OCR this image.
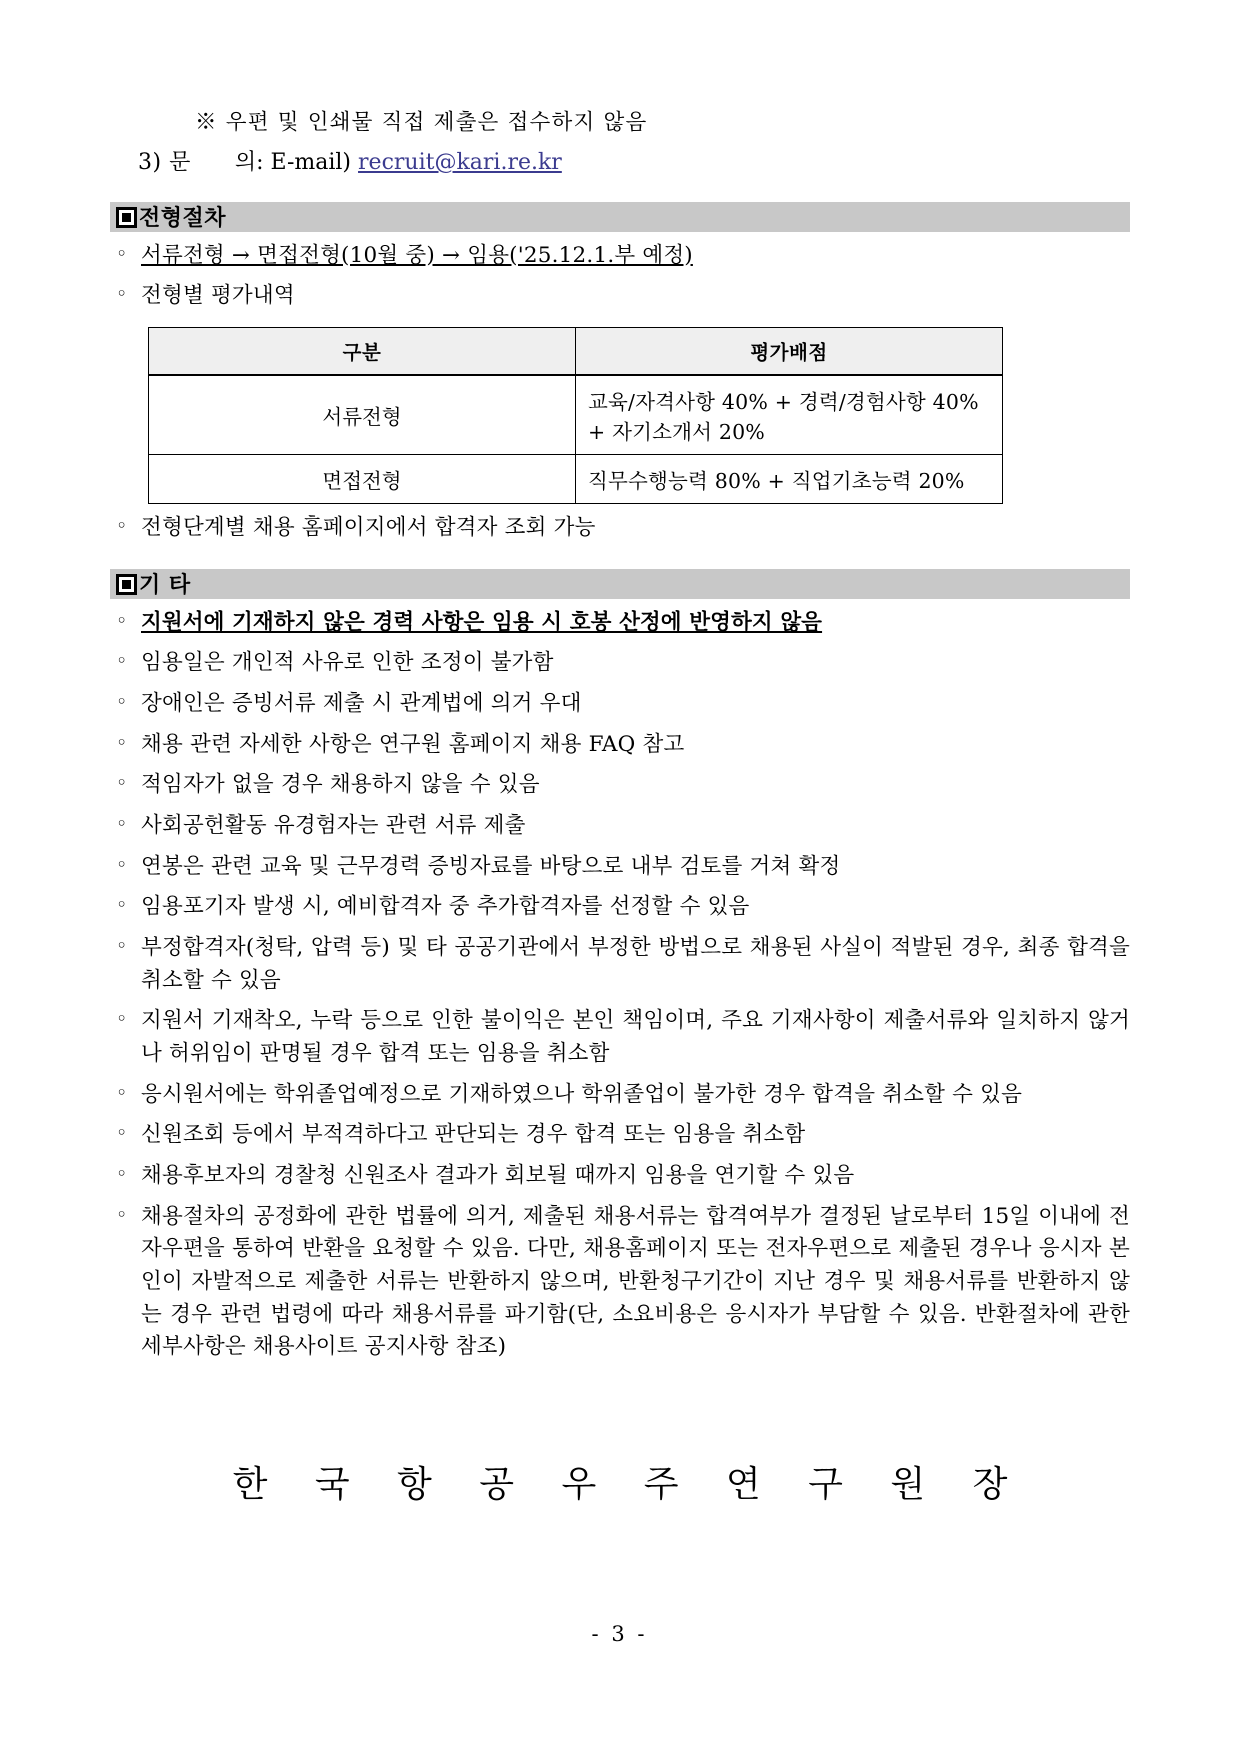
※ 우편 및 인쇄물 직접 제출은 접수하지 않음
3) 문 의: E-mail) recruit@kari.re.kr
전형절차
◦ 서류전형 → 면접전형(10월 중) → 임용('25.12.1.부 예정)
◦ 전형별 평가내역
구분	평가배점
서류전형	교육/자격사항 40% + 경력/경험사항 40% + 자기소개서 20%
면접전형	직무수행능력 80% + 직업기초능력 20%
◦ 전형단계별 채용 홈페이지에서 합격자 조회 가능
기 타
◦ 지원서에 기재하지 않은 경력 사항은 임용 시 호봉 산정에 반영하지 않음
◦ 임용일은 개인적 사유로 인한 조정이 불가함
◦ 장애인은 증빙서류 제출 시 관계법에 의거 우대
◦ 채용 관련 자세한 사항은 연구원 홈페이지 채용 FAQ 참고
◦ 적임자가 없을 경우 채용하지 않을 수 있음
◦ 사회공헌활동 유경험자는 관련 서류 제출
◦ 연봉은 관련 교육 및 근무경력 증빙자료를 바탕으로 내부 검토를 거쳐 확정
◦ 임용포기자 발생 시, 예비합격자 중 추가합격자를 선정할 수 있음
◦ 부정합격자(청탁, 압력 등) 및 타 공공기관에서 부정한 방법으로 채용된 사실이 적발된 경우, 최종 합격을 취소할 수 있음
◦ 지원서 기재착오, 누락 등으로 인한 불이익은 본인 책임이며, 주요 기재사항이 제출서류와 일치하지 않거나 허위임이 판명될 경우 합격 또는 임용을 취소함
◦ 응시원서에는 학위졸업예정으로 기재하였으나 학위졸업이 불가한 경우 합격을 취소할 수 있음
◦ 신원조회 등에서 부적격하다고 판단되는 경우 합격 또는 임용을 취소함
◦ 채용후보자의 경찰청 신원조사 결과가 회보될 때까지 임용을 연기할 수 있음
◦ 채용절차의 공정화에 관한 법률에 의거, 제출된 채용서류는 합격여부가 결정된 날로부터 15일 이내에 전자우편을 통하여 반환을 요청할 수 있음. 다만, 채용홈페이지 또는 전자우편으로 제출된 경우나 응시자 본인이 자발적으로 제출한 서류는 반환하지 않으며, 반환청구기간이 지난 경우 및 채용서류를 반환하지 않는 경우 관련 법령에 따라 채용서류를 파기함(단, 소요비용은 응시자가 부담할 수 있음. 반환절차에 관한 세부사항은 채용사이트 공지사항 참조)
한 국 항 공 우 주 연 구 원 장
- 3 -
